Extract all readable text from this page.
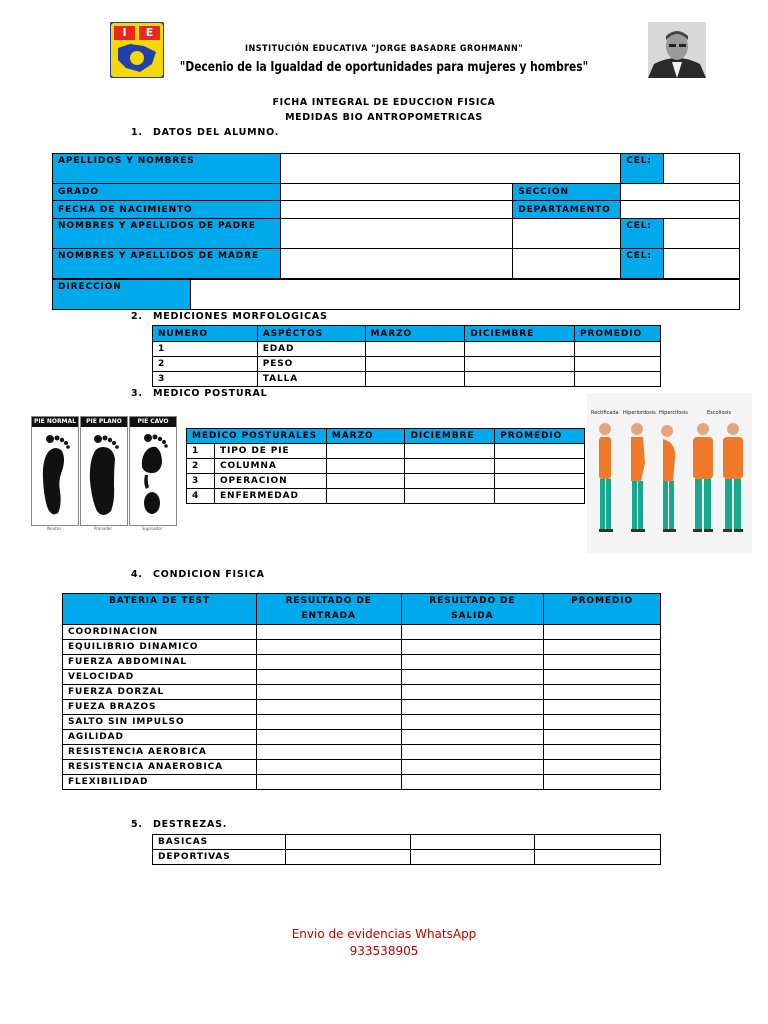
I	E
INSTITUCIÓN EDUCATIVA "JORGE BASADRE GROHMANN"
"Decenio de la Igualdad de oportunidades para mujeres y hombres"
FICHA INTEGRAL DE EDUCCION FISICA
MEDIDAS BIO ANTROPOMETRICAS
1. DATOS DEL ALUMNO.
APELLIDOS Y NOMBRES			CEL:	
GRADO		SECCION		
FECHA DE NACIMIENTO		DEPARTAMENTO		
NOMBRES Y APELLIDOS DE PADRE			CEL:	
NOMBRES Y APELLIDOS DE MADRE			CEL:	
DIRECCION	
2. MEDICIONES MORFOLOGICAS
NUMERO	ASPÉCTOS	MARZO	DICIEMBRE	PROMEDIO
1	EDAD			
2	PESO			
3	TALLA			
3. MEDICO POSTURAL
PIE NORMAL	PIE PLANO	PIE CAVO
Neutro	Pronador	Supinador
MEDICO POSTURALES		MARZO	DICIEMBRE	PROMEDIO
1	TIPO DE PIE			
2	COLUMNA			
3	OPERACION			
4	ENFERMEDAD			
Rectificada Hiperlordosis Hipercifosis	Escoliosis
4. CONDICION FISICA
BATERIA DE TEST	RESULTADO DE ENTRADA	RESULTADO DE SALIDA	PROMEDIO
COORDINACION			
EQUILIBRIO DINAMICO			
FUERZA ABDOMINAL			
VELOCIDAD			
FUERZA DORZAL			
FUEZA BRAZOS			
SALTO SIN IMPULSO			
AGILIDAD			
RESISTENCIA AEROBICA			
RESISTENCIA ANAEROBICA			
FLEXIBILIDAD			
5. DESTREZAS.
BASICAS			
DEPORTIVAS			
Envio de evidencias WhatsApp
933538905
